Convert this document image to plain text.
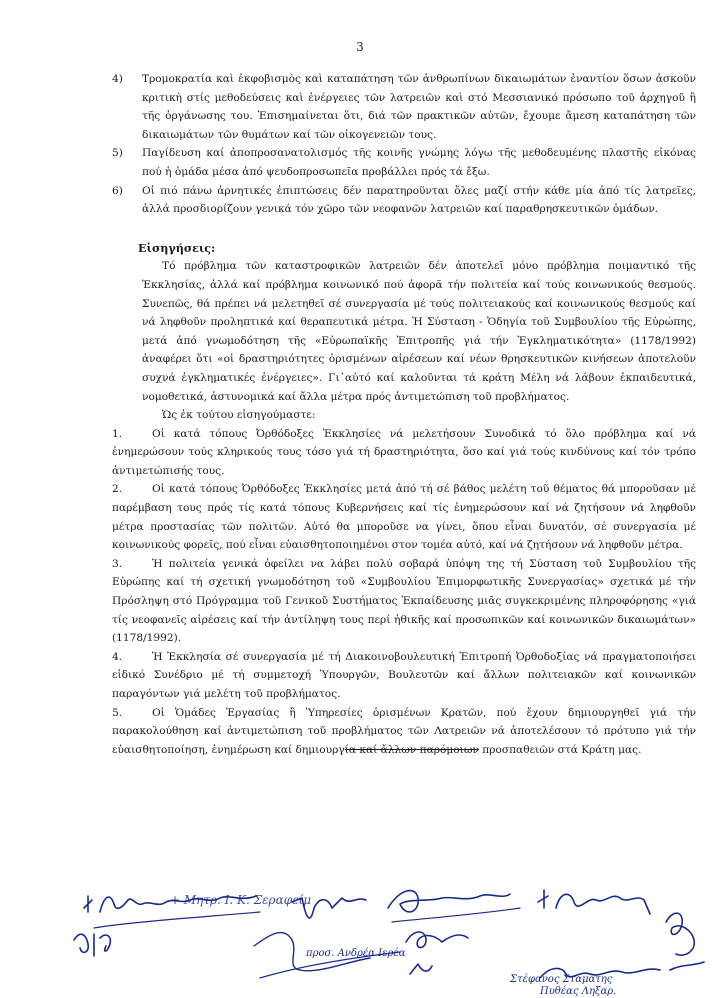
3

4) Τρομοκρατία καὶ ἐκφοβισμὸς καὶ καταπάτηση τῶν ἀνθρωπίνων δικαιωμάτων ἐναντίον ὅσων ἀσκοῦν κριτικὴ στίς μεθοδεύσεις καὶ ἐνέργειες τῶν λατρειῶν καὶ στό Μεσσιανικό πρόσωπο τοῦ ἀρχηγοῦ ἢ τῆς ὀργάνωσης του. Ἐπισημαίνεται ὅτι, διά τῶν πρακτικῶν αὐτῶν, ἔχουμε ἄμεση καταπάτηση τῶν δικαιωμάτων τῶν θυμάτων καί τῶν οἰκογενειῶν τους.

5) Παγίδευση καί ἀποπροσανατολισμός τῆς κοινῆς γνώμης λόγω τῆς μεθοδευμένης πλαστῆς εἰκόνας πού ἡ ὁμάδα μέσα ἀπό ψευδοπροσωπεῖα προβάλλει πρός τά ἔξω.

6) Οἱ πιό πάνω ἀρνητικές ἐπιπτώσεις δέν παρατηροῦνται ὅλες μαζί στήν κάθε μία ἀπό τίς λατρεῖες, ἀλλά προσδιορίζουν γενικά τόν χῶρο τῶν νεοφανῶν λατρειῶν καί παραθρησκευτικῶν ὁμάδων.

Εἰσηγήσεις:

Τό πρόβλημα τῶν καταστροφικῶν λατρειῶν δέν ἀποτελεῖ μόνο πρόβλημα ποιμαντικό τῆς Ἐκκλησίας, ἀλλά καί πρόβλημα κοινωνικό πού ἀφορᾶ τήν πολιτεία καί τούς κοινωνικούς θεσμούς. Συνεπῶς, θά πρέπει νά μελετηθεῖ σέ συνεργασία μέ τούς πολιτειακούς καί κοινωνικούς θεσμούς καί νά ληφθοῦν προληπτικά καί θεραπευτικά μέτρα. Ἡ Σύσταση - Ὁδηγία τοῦ Συμβουλίου τῆς Εὐρώπης, μετά ἀπό γνωμοδότηση τῆς «Εὐρωπαϊκῆς Ἐπιτροπῆς γιά τήν Ἐγκληματικότητα» (1178/1992) ἀναφέρει ὅτι «οἱ δραστηριότητες ὁρισμένων αἱρέσεων καί νέων θρησκευτικῶν κινήσεων ἀποτελοῦν συχνά ἐγκληματικές ἐνέργειες». Γι᾽αὐτό καί καλοῦνται τά κράτη Μέλη νά λάβουν ἐκπαιδευτικά, νομοθετικά, ἀστυνομικά καί ἄλλα μέτρα πρός ἀντιμετώπιση τοῦ προβλήματος.

Ὡς ἐκ τούτου εἰσηγούμαστε:

1.	Οἱ κατά τόπους Ὀρθόδοξες Ἐκκλησίες νά μελετήσουν Συνοδικά τό ὅλο πρόβλημα καί νά ἐνημερώσουν τούς κληρικούς τους τόσο γιά τή δραστηριότητα, ὅσο καί γιά τούς κινδύνους καί τόν τρόπο ἀντιμετώπισής τους.

2.	Οἱ κατά τόπους Ὀρθόδοξες Ἐκκλησίες μετά ἀπό τή σέ βάθος μελέτη τοῦ θέματος θά μποροῦσαν μέ παρέμβαση τους πρός τίς κατά τόπους Κυβερνήσεις καί τίς ἐνημερώσουν καί νά ζητήσουν νά ληφθοῦν μέτρα προστασίας τῶν πολιτῶν. Αὐτό θα μποροῦσε να γίνει, ὅπου εἶναι δυνατόν, σέ συνεργασία μέ κοινωνικούς φορεῖς, πού εἶναι εὐαισθητοποιημένοι στον τομέα αὐτό, καί νά ζητήσουν νά ληφθοῦν μέτρα.

3.	Ἡ πολιτεία γενικά ὀφείλει να λάβει πολύ σοβαρά ὑπόψη της τή Σύσταση τοῦ Συμβουλίου τῆς Εὐρώπης καί τή σχετική γνωμοδότηση τοῦ «Συμβουλίου Ἐπιμορφωτικῆς Συνεργασίας» σχετικά μέ τήν Πρόσληψη στό Πρόγραμμα τοῦ Γενικοῦ Συστήματος Ἐκπαίδευσης μιᾶς συγκεκριμένης πληροφόρησης «γιά τίς νεοφανεῖς αἱρέσεις καί τήν ἀντίληψη τους περί ἠθικῆς καί προσωπικῶν καί κοινωνικῶν δικαιωμάτων» (1178/1992).

4.	Ἡ Ἐκκλησία σέ συνεργασία μέ τή Διακοινοβουλευτική Ἐπιτροπή Ὀρθοδοξίας νά πραγματοποιήσει εἰδικό Συνέδριο μέ τή συμμετοχή Ὑπουργῶν, Βουλευτῶν καί ἄλλων πολιτειακῶν καί κοινωνικῶν παραγόντων γιά μελέτη τοῦ προβλήματος.

5.	Οἱ Ὁμάδες Ἐργασίας ἢ Ὑπηρεσίες ὁρισμένων Κρατῶν, πού ἔχουν δημιουργηθεῖ γιά τήν παρακολούθηση καί ἀντιμετώπιση τοῦ προβλήματος τῶν Λατρειῶν νά ἀποτελέσουν τό πρότυπο γιά τήν εὐαισθητοποίηση, ἐνημέρωση καί δημιουργία καί ἄλλων παρόμοιων προσπαθειῶν στά Κράτη μας.

+ Μητρ. Ι. Κ. Σεραφείμ
προσ. Ανδρέα Ιερέα
Στέφανος Σταμάτης
Πυθέας Ληξαρ.
